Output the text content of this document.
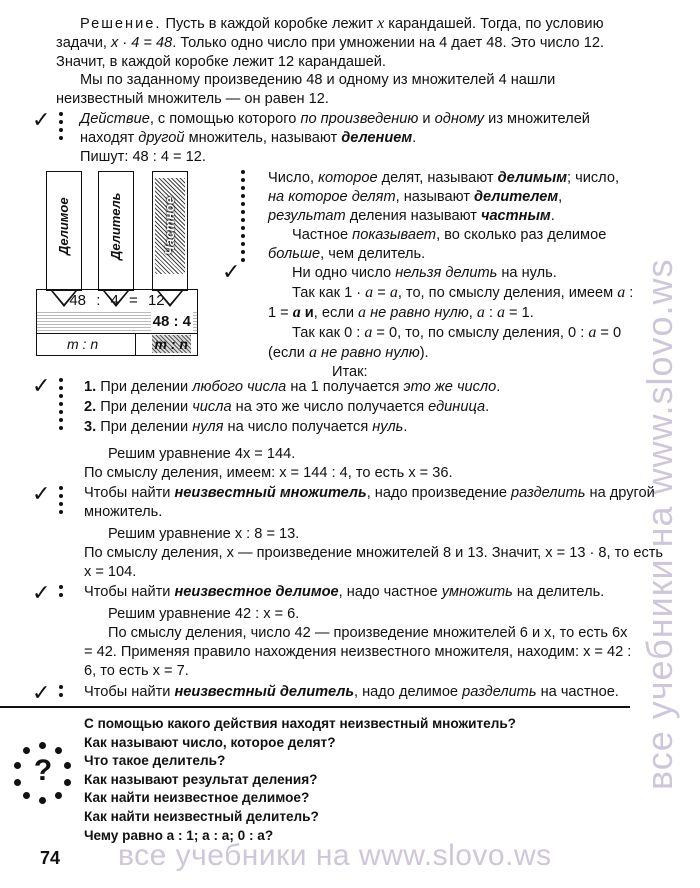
все учебники на www.slovo.ws

Решение. Пусть в каждой коробке лежит x карандашей. Тогда, по условию задачи, x · 4 = 48. Только одно число при умножении на 4 дает 48. Это число 12. Значит, в каждой коробке лежит 12 карандашей.

Мы по заданному произведению 48 и одному из множителей 4 нашли неизвестный множитель — он равен 12.

✓ Действие, с помощью которого по произведению и одному из множителей находят другой множитель, называют делением.

Пишут: 48 : 4 = 12.

Делимое	Делитель	Частное
48 : 4 = 12
48 : 4
m : n	m : n
✓

Число, которое делят, называют делимым; число, на которое делят, называют делителем, результат деления называют частным.

Частное показывает, во сколько раз делимое больше, чем делитель.

Ни одно число нельзя делить на нуль.

Так как 1 · a = a, то, по смыслу деления, имеем a : 1 = a и, если a не равно нулю, a : a = 1.

Так как 0 : a = 0, то, по смыслу деления, 0 : a = 0 (если a не равно нулю).

Итак:

✓ 1. При делении любого числа на 1 получается это же число.

2. При делении числа на это же число получается единица.

3. При делении нуля на число получается нуль.

Решим уравнение 4x = 144.

По смыслу деления, имеем: x = 144 : 4, то есть x = 36.

✓ Чтобы найти неизвестный множитель, надо произведение разделить на другой множитель.

Решим уравнение x : 8 = 13.

По смыслу деления, x — произведение множителей 8 и 13. Значит, x = 13 · 8, то есть x = 104.

✓ Чтобы найти неизвестное делимое, надо частное умножить на делитель.

Решим уравнение 42 : x = 6.

По смыслу деления, число 42 — произведение множителей 6 и x, то есть 6x = 42. Применяя правило нахождения неизвестного множителя, находим: x = 42 : 6, то есть x = 7.

✓ Чтобы найти неизвестный делитель, надо делимое разделить на частное.

?

С помощью какого действия находят неизвестный множитель?

Как называют число, которое делят?

Что такое делитель?

Как называют результат деления?

Как найти неизвестное делимое?

Как найти неизвестный делитель?

Чему равно a : 1; a : a; 0 : a?

74 все учебники на www.slovo.ws
